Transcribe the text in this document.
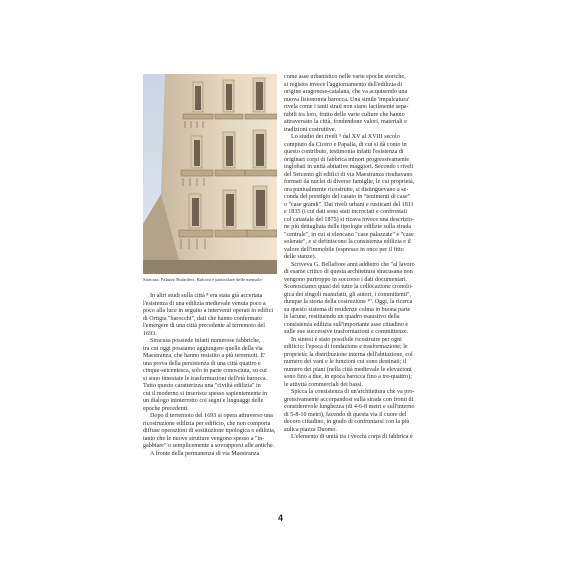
Siracusa. Palazzo Bufardeci. Balconi e particolare delle mensole.

In altri studi sulla città ⁸ era stata già accertata

l'esistenza di una edilizia medievale venuta poco a

poco alla luce in seguito a interventi operati in edifici

di Ortigia "barocchi", dati che hanno confermato

l'emergere di una città precedente al terremoto del

1693.

Siracusa possiede infatti numerose fabbriche,

tra cui oggi possiamo aggiungere quelle della via

Maestranza, che hanno resistito a più terremoti. E'

una prova della persistenza di una città quattro e

cinque-seicentesca, solo in parte conosciuta, su cui

si sono innestate le trasformazioni dell'età barocca.

Tutto questo caratterizza una "civiltà edilizia" in

cui il moderno si inserisce spesso sapientemente in

un dialogo ininterrotto coi segni e linguaggi delle

epoche precedenti.

Dopo il terremoto del 1693 si opera attraverso una

ricostruzione edilizia per edificio, che non comporta

diffuse operazioni di sostituzione tipologica o edilizia,

tanto che le nuove strutture vengono spesso a "in-

gabbiare" o semplicemente a sovrapporsi alle antiche.

A fronte della permanenza di via Maestranza

come asse urbanistico nelle varie epoche storiche,

si registra invece l'aggiornamento dell'edilizia di

origine aragonese-catalana, che va acquisendo una

nuova fisionomia barocca. Una simile 'impalcatura'

rivela come i tanti strati non siano facilmente sepa-

rabili tra loro, frutto delle varie culture che hanno

attraversato la città, fondendone valori, materiali e

tradizioni costruttive.

Lo studio dei riveli ⁹ dal XV al XVIII secolo

compiuto da Cicero e Papalia, di cui si dà conto in

questo contributo, testimonia infatti l'esistenza di

originari corpi di fabbrica minori progressivamente

inglobati in unità abitative maggiori. Secondo i riveli

del Seicento gli edifici di via Maestranza risultavano

formati da nuclei di diverse famiglie, le cui proprietà,

ora puntualmente ricostruite, si distinguevano a se-

conda del prestigio del casato in "tenimenti di case"

o "case grandi". Dai riveli urbani e rusticani del 1811

e 1835 (i cui dati sono stati incrociati e confrontati

col catastale del 1875) si ricava invece una descrizio-

ne più dettagliata delle tipologie edilizie sulla strada

"centrale", in cui si elencano "case palazzate" e "case

solerate", e si definiscono la consistenza edilizia e il

valore dell'immobile (espresso in once per il fitto

delle stanze).

Scriveva G. Bellafiore anni addietro che "al lavoro

di esame critico di questa architettura siracusana non

vengono purtroppo in soccorso i dati documentari.

Sconosciamo quasi del tutto la collocazione cronolo-

gica dei singoli manufatti, gli autori, i committenti",

dunque la storia della costruzione ¹⁰. Oggi, la ricerca

su questo sistema di residenze colma in buona parte

le lacune, restituendo un quadro esaustivo della

consistenza edilizia sull'importante asse cittadino e

sulle sue successive trasformazioni e committenze.

In sintesi è stato possibile ricostruire per ogni

edificio: l'epoca di fondazione e trasformazione; le

proprietà; la distribuzione interna dell'abitazione, col

numero dei vani e le funzioni cui sono destinati; il

numero dei piani (nella città medievale le elevazioni

sono fino a due, in epoca barocca fino a tre-quattro);

le attività commerciali dei bassi.

Spicca la consistenza di un'architettura che va pro-

gressivamente accorpandosi sulla strada con fronti di

considerevole lunghezza (di 4-6-8 metri e sull'interno

di 5-8-10 metri), facendo di questa via il cuore del

decoro cittadino, in grado di confrontarsi con la più

aulica piazza Duomo.

L'elemento di unità tra i vecchi corpi di fabbrica è

4
